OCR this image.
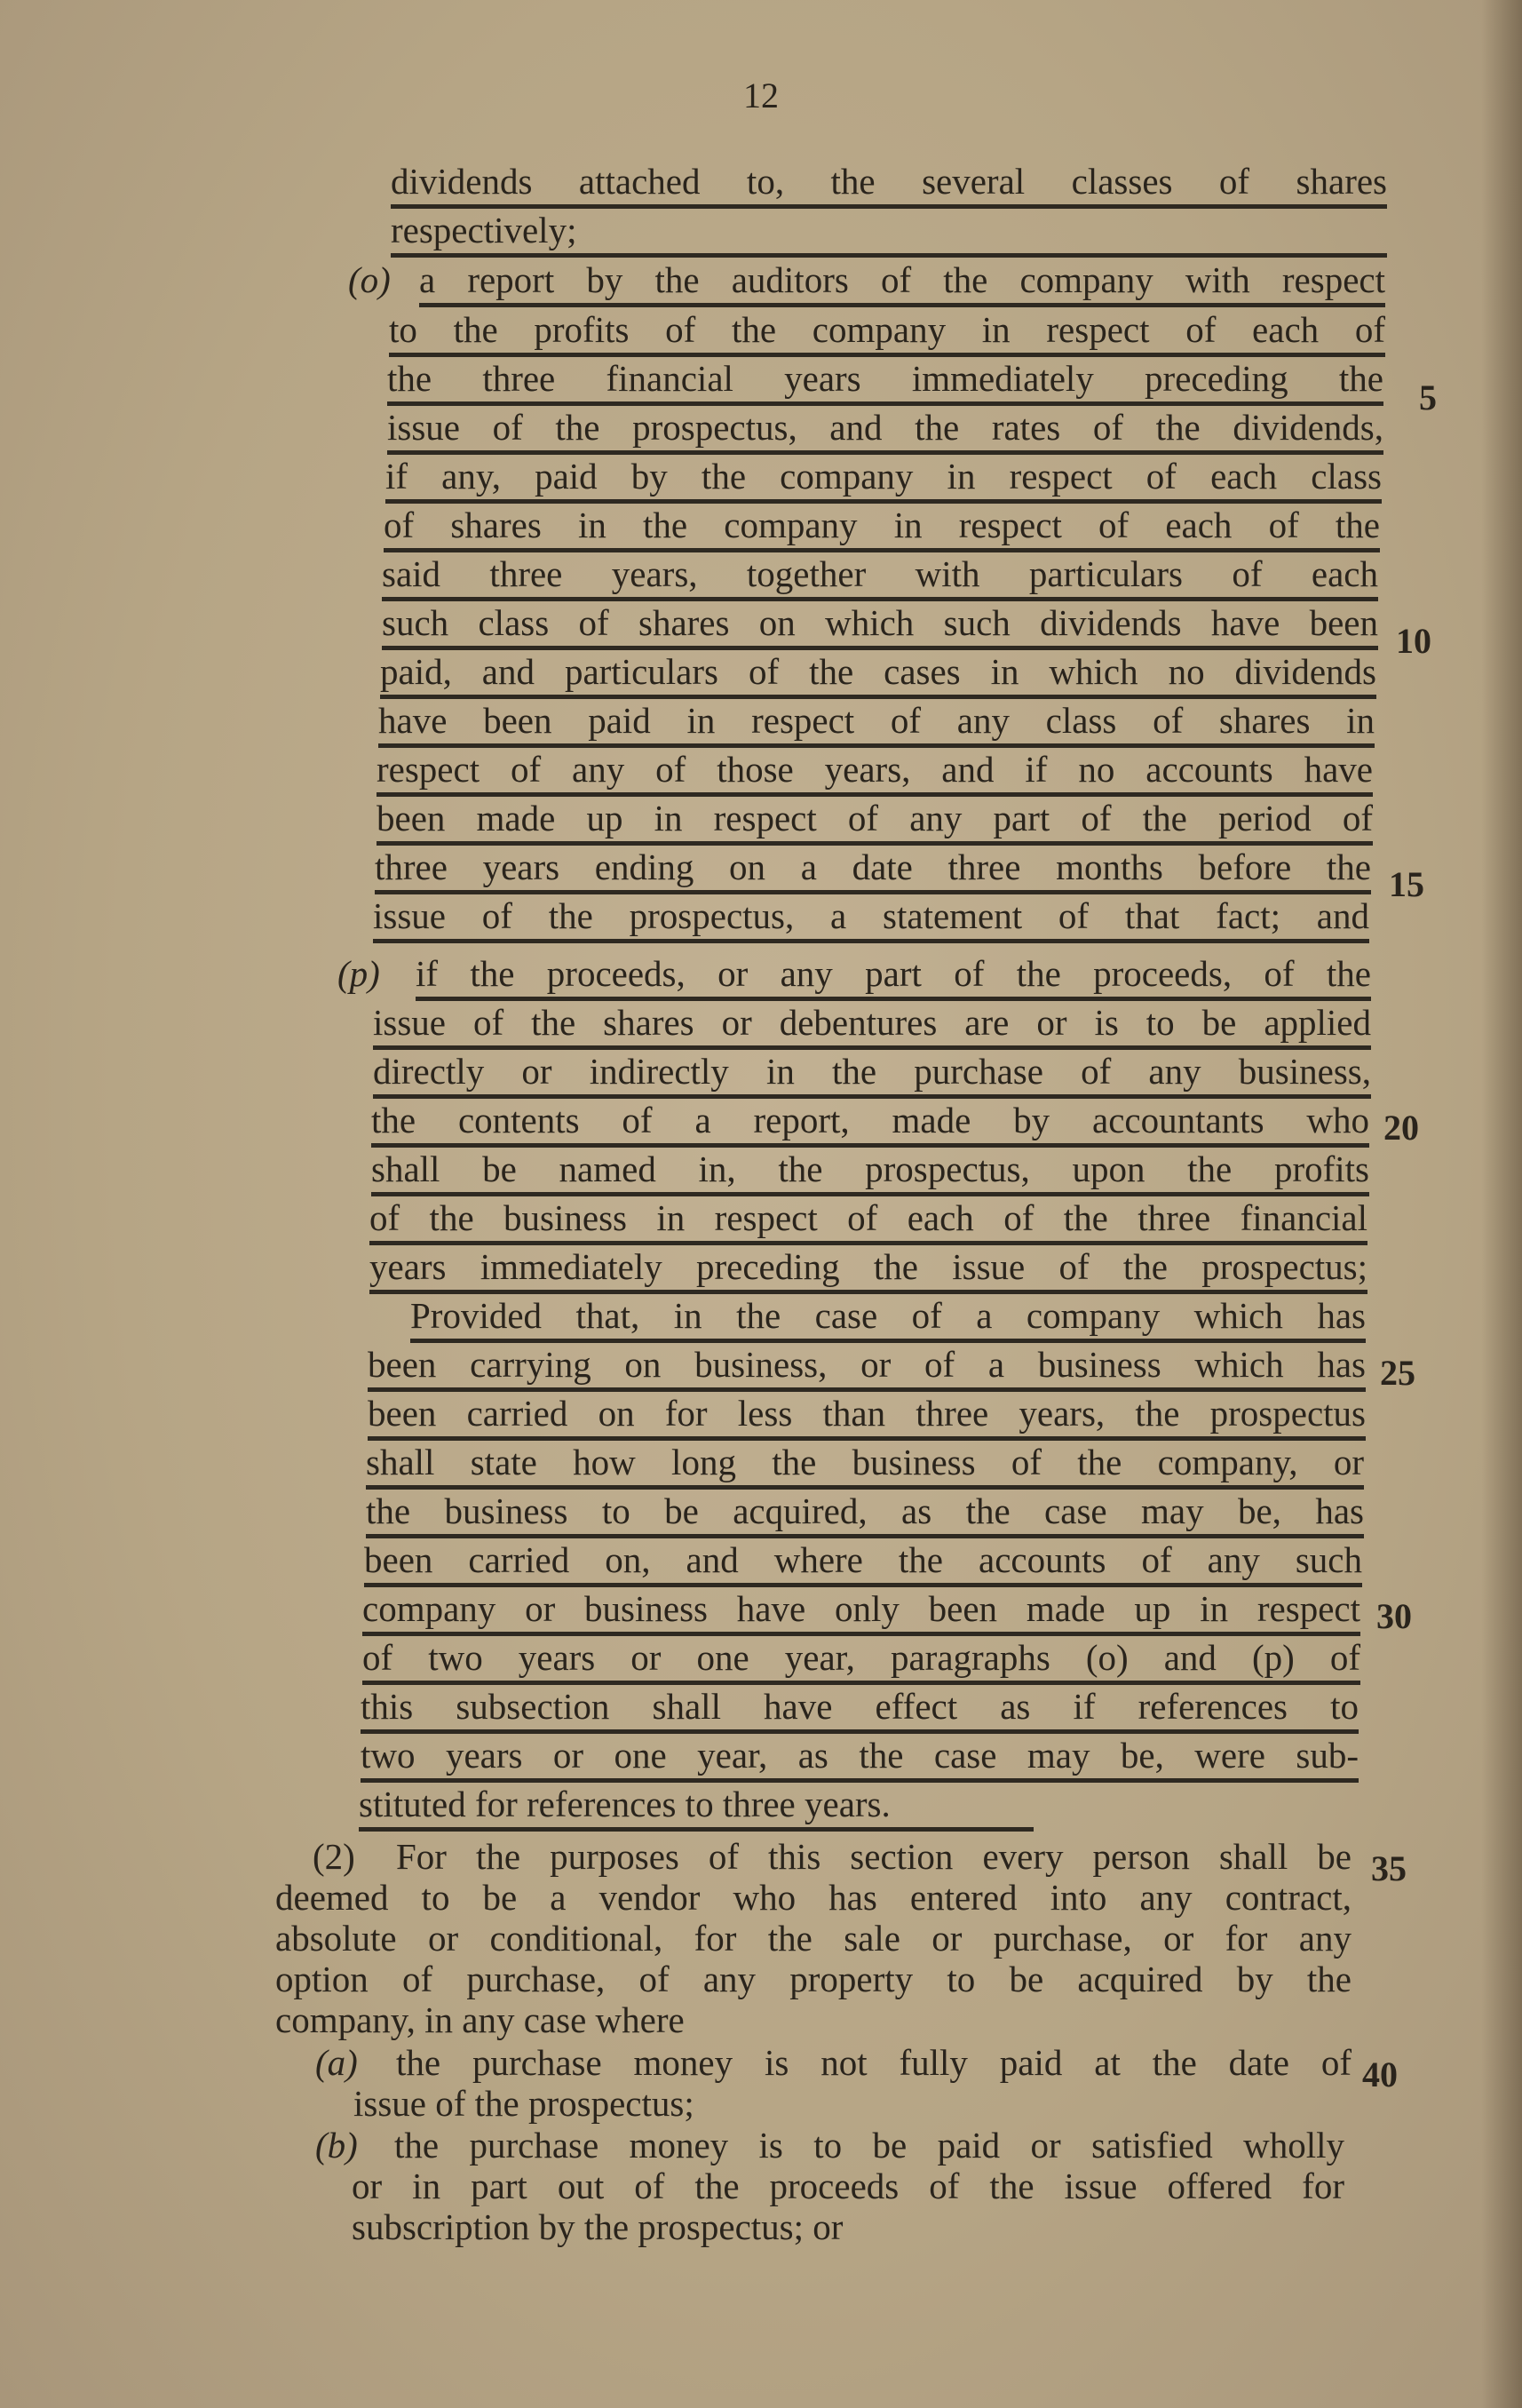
12
(o)
(p)
(2)
(a)
(b)
dividends attached to, the several classes of shares
respectively;
a report by the auditors of the company with respect
to the profits of the company in respect of each of
the three financial years immediately preceding the
issue of the prospectus, and the rates of the dividends,
if any, paid by the company in respect of each class
of shares in the company in respect of each of the
said three years, together with particulars of each
such class of shares on which such dividends have been
paid, and particulars of the cases in which no dividends
have been paid in respect of any class of shares in
respect of any of those years, and if no accounts have
been made up in respect of any part of the period of
three years ending on a date three months before the
issue of the prospectus, a statement of that fact; and
if the proceeds, or any part of the proceeds, of the
issue of the shares or debentures are or is to be applied
directly or indirectly in the purchase of any business,
the contents of a report, made by accountants who
shall be named in, the prospectus, upon the profits
of the business in respect of each of the three financial
years immediately preceding the issue of the prospectus;
Provided that, in the case of a company which has
been carrying on business, or of a business which has
been carried on for less than three years, the prospectus
shall state how long the business of the company, or
the business to be acquired, as the case may be, has
been carried on, and where the accounts of any such
company or business have only been made up in respect
of two years or one year, paragraphs (o) and (p) of
this subsection shall have effect as if references to
two years or one year, as the case may be, were sub-
stituted for references to three years.
For the purposes of this section every person shall be
deemed to be a vendor who has entered into any contract,
absolute or conditional, for the sale or purchase, or for any
option of purchase, of any property to be acquired by the
company, in any case where
the purchase money is not fully paid at the date of
issue of the prospectus;
the purchase money is to be paid or satisfied wholly
or in part out of the proceeds of the issue offered for
subscription by the prospectus; or
5
10
15
20
25
30
35
40
